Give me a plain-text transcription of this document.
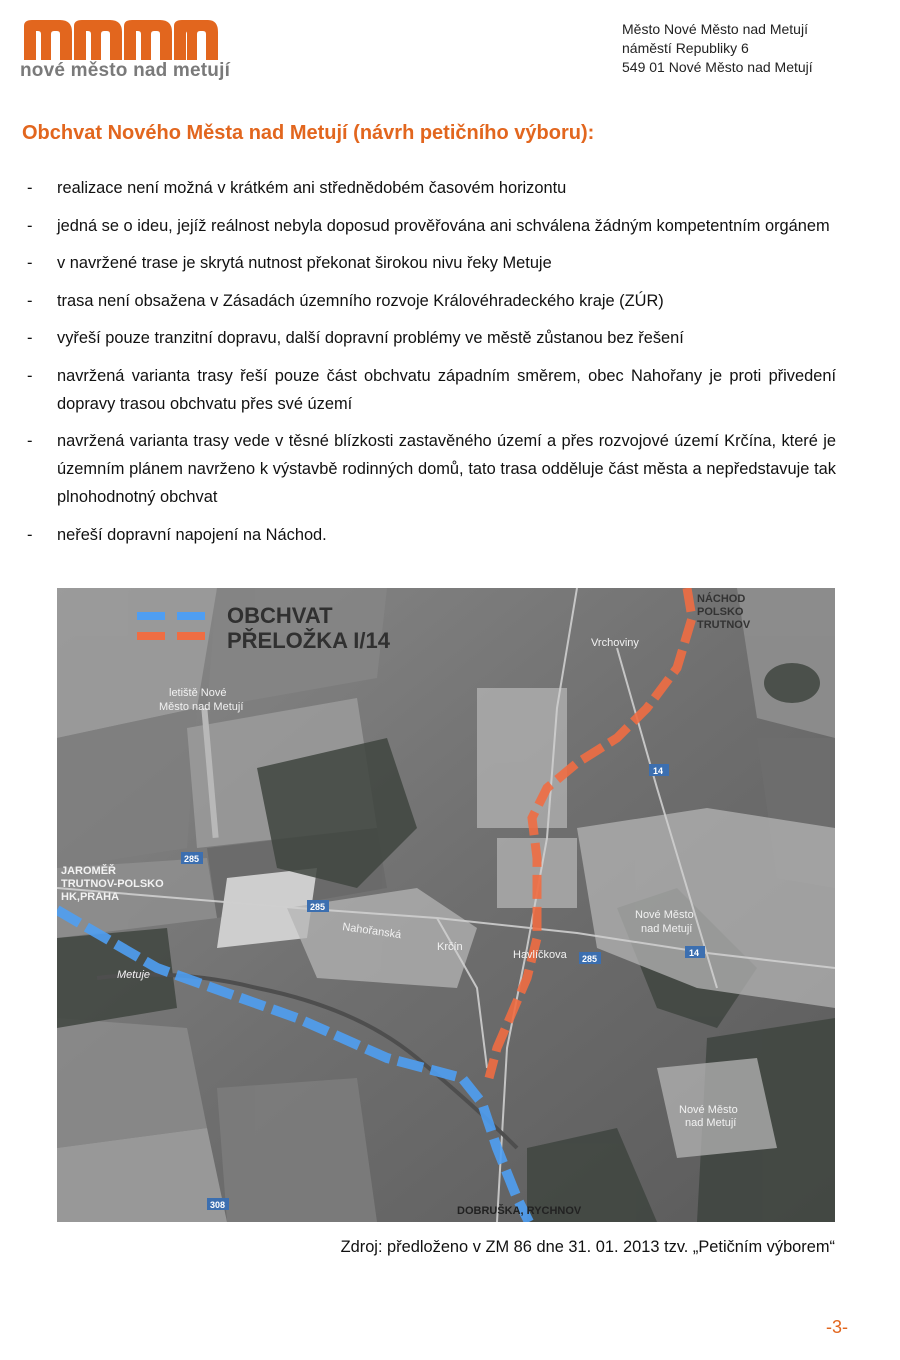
nové město nad metují
Město Nové Město nad Metují
náměstí Republiky 6
549 01 Nové Město nad Metují
Obchvat Nového Města nad Metují (návrh petičního výboru):
- realizace není možná v krátkém ani střednědobém časovém horizontu
- jedná se o ideu, jejíž reálnost nebyla doposud prověřována ani schválena žádným kompetentním orgánem
- v navržené trase je skrytá nutnost překonat širokou nivu řeky Metuje
- trasa není obsažena v Zásadách územního rozvoje Královéhradeckého kraje (ZÚR)
- vyřeší pouze tranzitní dopravu, další dopravní problémy ve městě zůstanou bez řešení
- navržená varianta trasy řeší pouze část obchvatu západním směrem, obec Nahořany je proti přivedení dopravy trasou obchvatu přes své území
- navržená varianta trasy vede v těsné blízkosti zastavěného území a přes rozvojové území Krčína, které je územním plánem navrženo k výstavbě rodinných domů, tato trasa odděluje část města a nepředstavuje tak plnohodnotný obchvat
- neřeší dopravní napojení na Náchod.
OBCHVAT
PŘELOŽKA I/14
letiště Nové
Město nad Metují
NÁCHOD
POLSKO
TRUTNOV
Vrchoviny
JAROMĚŘ
TRUTNOV-POLSKO
HK,PRAHA
Nahořanská
Krčín
Havlíčkova
Nové Město
nad Metují
Nové Město
nad Metují
Metuje
DOBRUŠKA, RYCHNOV
14
14
285
285
285
308
Zdroj: předloženo v ZM 86 dne 31. 01. 2013 tzv. „Petičním výborem“
-3-
